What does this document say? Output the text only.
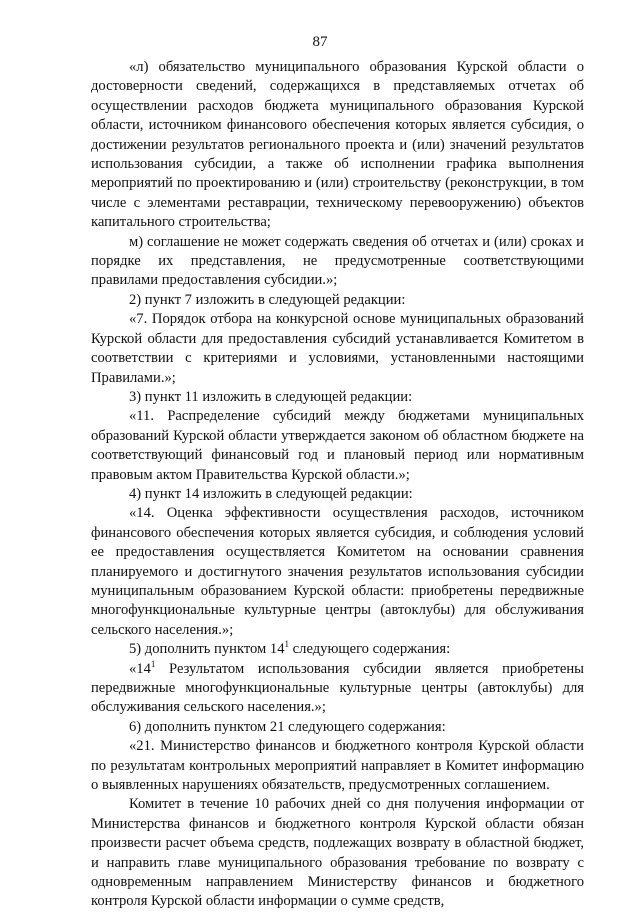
87

«л) обязательство муниципального образования Курской области о достоверности сведений, содержащихся в представляемых отчетах об осуществлении расходов бюджета муниципального образования Курской области, источником финансового обеспечения которых является субсидия, о достижении результатов регионального проекта и (или) значений результатов использования субсидии, а также об исполнении графика выполнения мероприятий по проектированию и (или) строительству (реконструкции, в том числе с элементами реставрации, техническому перевооружению) объектов капитального строительства;

м) соглашение не может содержать сведения об отчетах и (или) сроках и порядке их представления, не предусмотренные соответствующими правилами предоставления субсидии.»;

2) пункт 7 изложить в следующей редакции:

«7. Порядок отбора на конкурсной основе муниципальных образований Курской области для предоставления субсидий устанавливается Комитетом в соответствии с критериями и условиями, установленными настоящими Правилами.»;

3) пункт 11 изложить в следующей редакции:

«11. Распределение субсидий между бюджетами муниципальных образований Курской области утверждается законом об областном бюджете на соответствующий финансовый год и плановый период или нормативным правовым актом Правительства Курской области.»;

4) пункт 14 изложить в следующей редакции:

«14. Оценка эффективности осуществления расходов, источником финансового обеспечения которых является субсидия, и соблюдения условий ее предоставления осуществляется Комитетом на основании сравнения планируемого и достигнутого значения результатов использования субсидии муниципальным образованием Курской области: приобретены передвижные многофункциональные культурные центры (автоклубы) для обслуживания сельского населения.»;

5) дополнить пунктом $14^1$ следующего содержания:

«$14^1$ Результатом использования субсидии является приобретены передвижные многофункциональные культурные центры (автоклубы) для обслуживания сельского населения.»;

6) дополнить пунктом 21 следующего содержания:

«21. Министерство финансов и бюджетного контроля Курской области по результатам контрольных мероприятий направляет в Комитет информацию о выявленных нарушениях обязательств, предусмотренных соглашением.

Комитет в течение 10 рабочих дней со дня получения информации от Министерства финансов и бюджетного контроля Курской области обязан произвести расчет объема средств, подлежащих возврату в областной бюджет, и направить главе муниципального образования требование по возврату с одновременным направлением Министерству финансов и бюджетного контроля Курской области информации о сумме средств,
